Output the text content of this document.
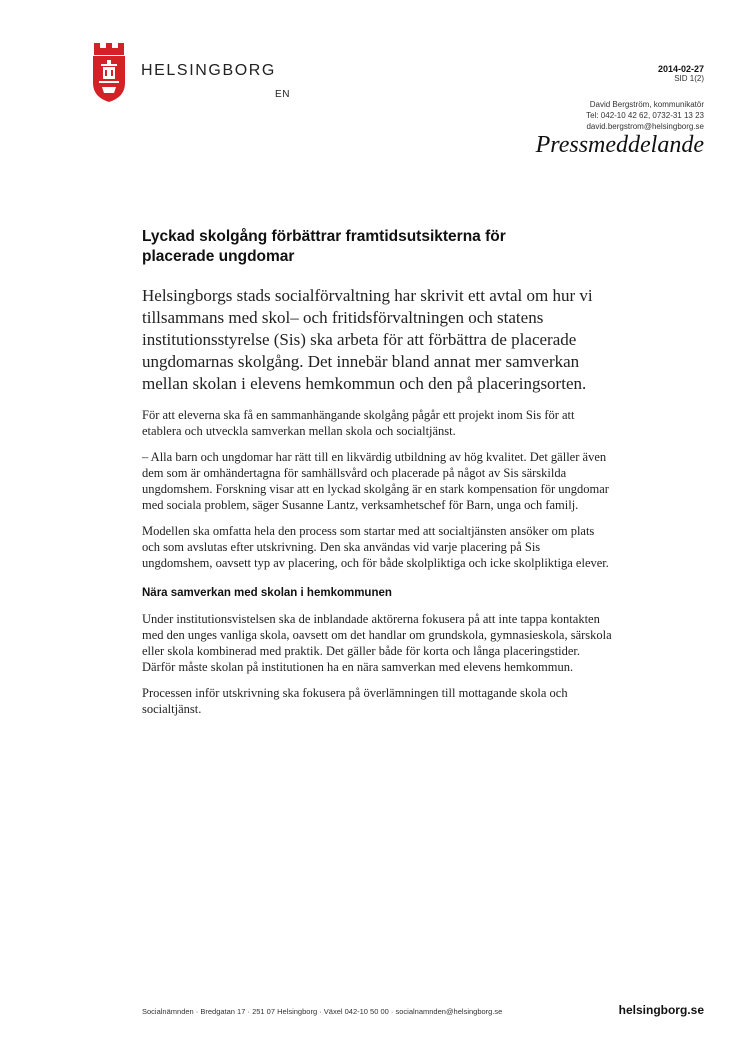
HELSINGBORG
EN
2014-02-27
SID 1(2)
David Bergström, kommunikatör
Tel: 042-10 42 62, 0732-31 13 23
david.bergstrom@helsingborg.se
Pressmeddelande
Lyckad skolgång förbättrar framtidsutsikterna för placerade ungdomar

Helsingborgs stads socialförvaltning har skrivit ett avtal om hur vi tillsammans med skol– och fritidsförvaltningen och statens institutionsstyrelse (Sis) ska arbeta för att förbättra de placerade ungdomarnas skolgång. Det innebär bland annat mer samverkan mellan skolan i elevens hemkommun och den på placeringsorten.

För att eleverna ska få en sammanhängande skolgång pågår ett projekt inom Sis för att etablera och utveckla samverkan mellan skola och socialtjänst.

– Alla barn och ungdomar har rätt till en likvärdig utbildning av hög kvalitet. Det gäller även dem som är omhändertagna för samhällsvård och placerade på något av Sis särskilda ungdomshem. Forskning visar att en lyckad skolgång är en stark kompensation för ungdomar med sociala problem, säger Susanne Lantz, verksamhetschef för Barn, unga och familj.

Modellen ska omfatta hela den process som startar med att socialtjänsten ansöker om plats och som avslutas efter utskrivning. Den ska användas vid varje placering på Sis ungdomshem, oavsett typ av placering, och för både skolpliktiga och icke skolpliktiga elever.

Nära samverkan med skolan i hemkommunen

Under institutionsvistelsen ska de inblandade aktörerna fokusera på att inte tappa kontakten med den unges vanliga skola, oavsett om det handlar om grundskola, gymnasieskola, särskola eller skola kombinerad med praktik. Det gäller både för korta och långa placeringstider. Därför måste skolan på institutionen ha en nära samverkan med elevens hemkommun.

Processen inför utskrivning ska fokusera på överlämningen till mottagande skola och socialtjänst.

Socialnämnden · Bredgatan 17 · 251 07 Helsingborg · Växel 042-10 50 00 · socialnamnden@helsingborg.se	helsingborg.se
